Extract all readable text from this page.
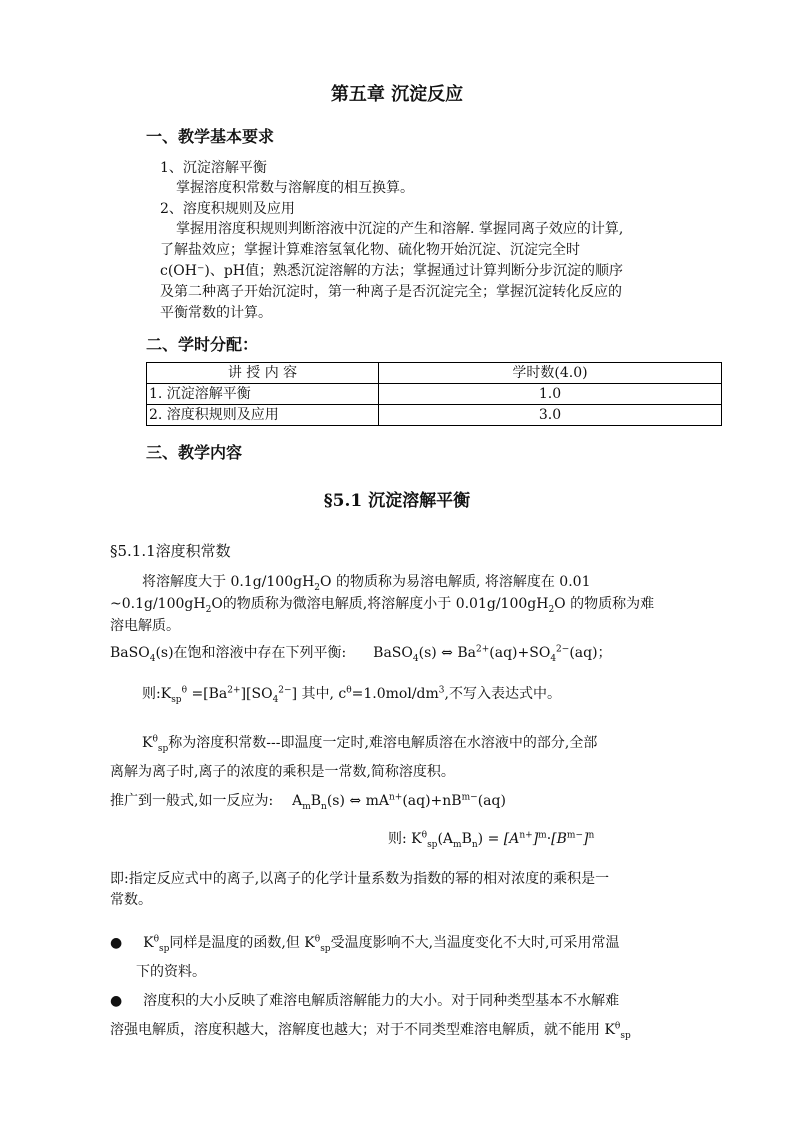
第五章 沉淀反应
一、教学基本要求
1、沉淀溶解平衡
掌握溶度积常数与溶解度的相互换算。
2、溶度积规则及应用
掌握用溶度积规则判断溶液中沉淀的产生和溶解. 掌握同离子效应的计算,
了解盐效应；掌握计算难溶氢氧化物、硫化物开始沉淀、沉淀完全时
c(OH⁻)、pH值；熟悉沉淀溶解的方法；掌握通过计算判断分步沉淀的顺序
及第二种离子开始沉淀时，第一种离子是否沉淀完全；掌握沉淀转化反应的
平衡常数的计算。
二、学时分配：
讲 授 内 容	学时数(4.0)
1. 沉淀溶解平衡	1.0
2. 溶度积规则及应用	3.0
三、教学内容
§5.1 沉淀溶解平衡
§5.1.1溶度积常数
将溶解度大于 $0.1g/100gH_2O$ 的物质称为易溶电解质, 将溶解度在 0.01
$\sim 0.1g/100gH_2O$的物质称为微溶电解质,将溶解度小于 $0.01g/100gH_2O$ 的物质称为难
溶电解质。
BaSO$_4$(s)在饱和溶液中存在下列平衡: BaSO$_4$(s) ⇔ $Ba^{2+}(aq)+SO_4^{2-}(aq)$；
则$:K_{sp}^\theta =[Ba^{2+}][SO_4^{2-}]$ 其中, $c^\theta=1.0mol/dm^3$,不写入表达式中。
$K^\theta_{sp}$称为溶度积常数---即温度一定时,难溶电解质溶在水溶液中的部分,全部
离解为离子时,离子的浓度的乘积是一常数,简称溶度积。
推广到一般式,如一反应为: $A_mB_n(s)$ ⇔ $mA^{n+}(aq)+nB^{m-}(aq)$
则: $K^\theta_{sp}(A_mB_n) = [A^{n+}]^m\cdot[B^{m-}]^n$
即:指定反应式中的离子,以离子的化学计量系数为指数的幂的相对浓度的乘积是一
常数。
● $K^\theta_{sp}$同样是温度的函数,但 $K^\theta_{sp}$受温度影响不大,当温度变化不大时,可采用常温
下的资料。
● 溶度积的大小反映了难溶电解质溶解能力的大小。对于同种类型基本不水解难
溶强电解质，溶度积越大，溶解度也越大；对于不同类型难溶电解质，就不能用 $K^\theta_{sp}$
